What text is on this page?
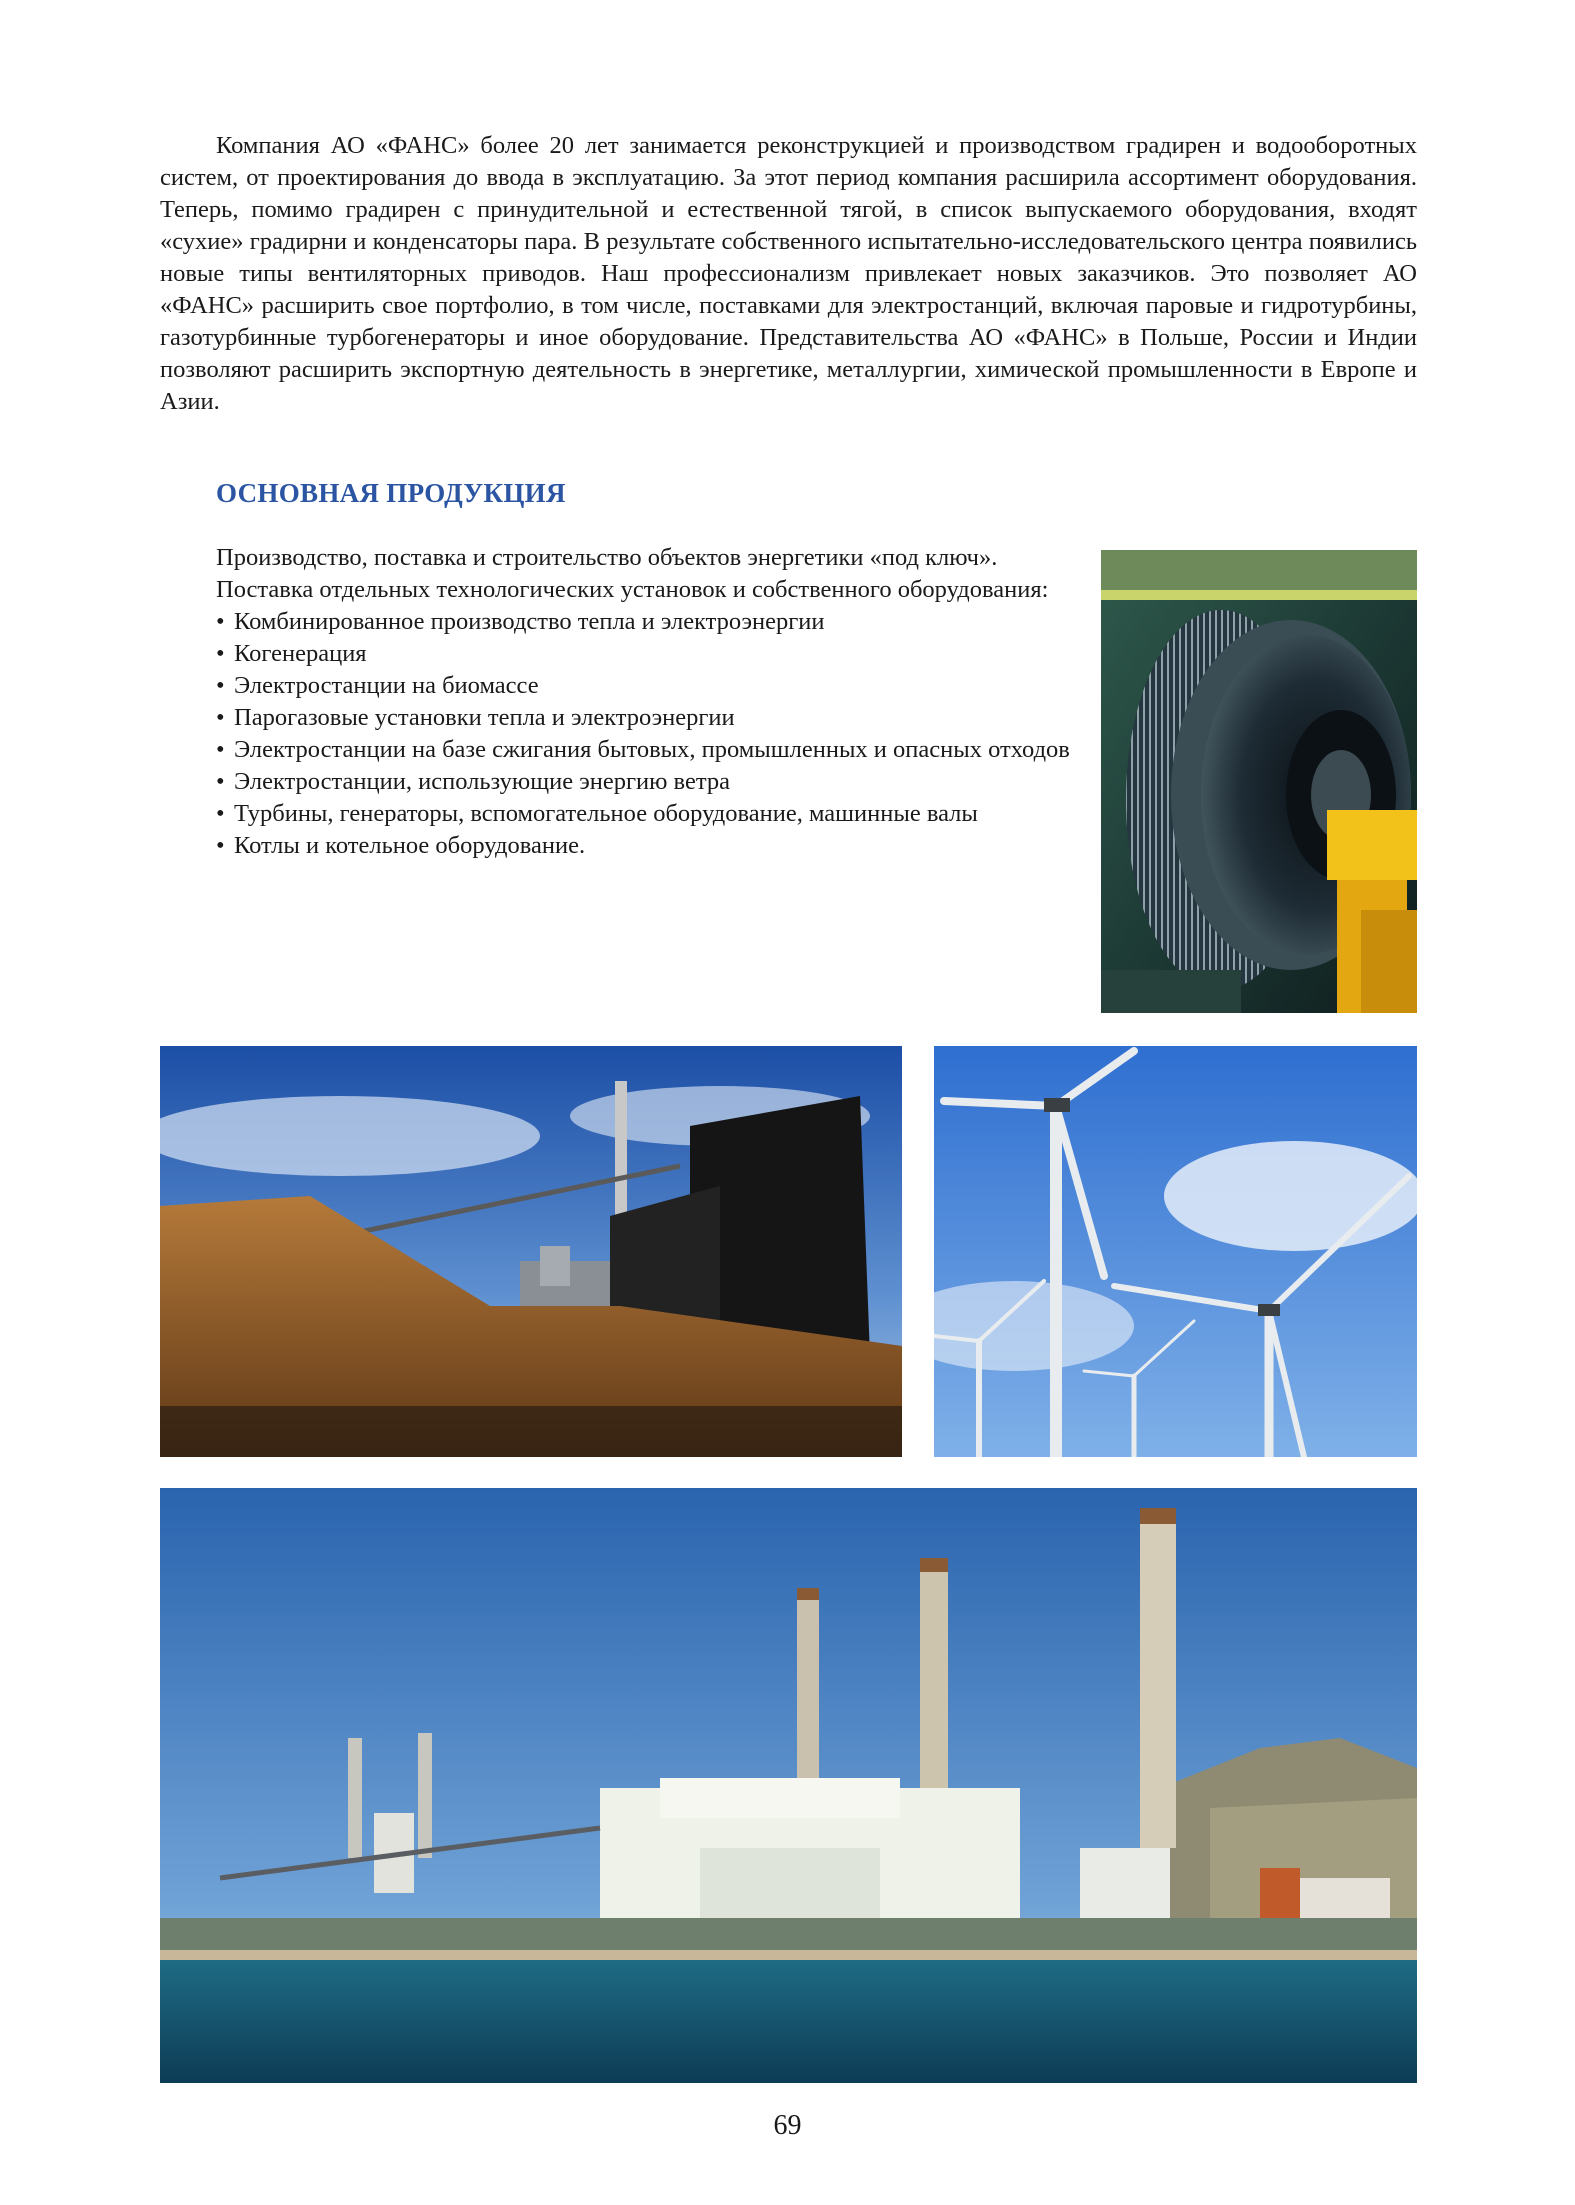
Компания АО «ФАНС» более 20 лет занимается реконструкцией и производством градирен и водооборотных систем, от проектирования до ввода в эксплуатацию. За этот период компания расширила ассортимент оборудования. Теперь, помимо градирен с принудительной и естественной тягой, в список выпускаемого оборудования, входят «сухие» градирни и конденсаторы пара. В результате собственного испытательно-исследовательского центра появились новые типы вентиляторных приводов. Наш профессионализм привлекает новых заказчиков. Это позволяет АО «ФАНС» расширить свое портфолио, в том числе, поставками для электростанций, включая паровые и гидротурбины, газотурбинные турбогенераторы и иное оборудование. Представительства АО «ФАНС» в Польше, России и Индии позволяют расширить экспортную деятельность в энергетике, металлургии, химической промышленности в Европе и Азии.

ОСНОВНАЯ ПРОДУКЦИЯ

Производство, поставка и строительство объектов энергетики «под ключ».

Поставка отдельных технологических установок и собственного оборудования:

• Комбинированное производство тепла и электроэнергии
• Когенерация
• Электростанции на биомассе
• Парогазовые установки тепла и электроэнергии
• Электростанции на базе сжигания бытовых, промышленных и опасных отходов
• Электростанции, использующие энергию ветра
• Турбины, генераторы, вспомогательное оборудование, машинные валы
• Котлы и котельное оборудование.
69
